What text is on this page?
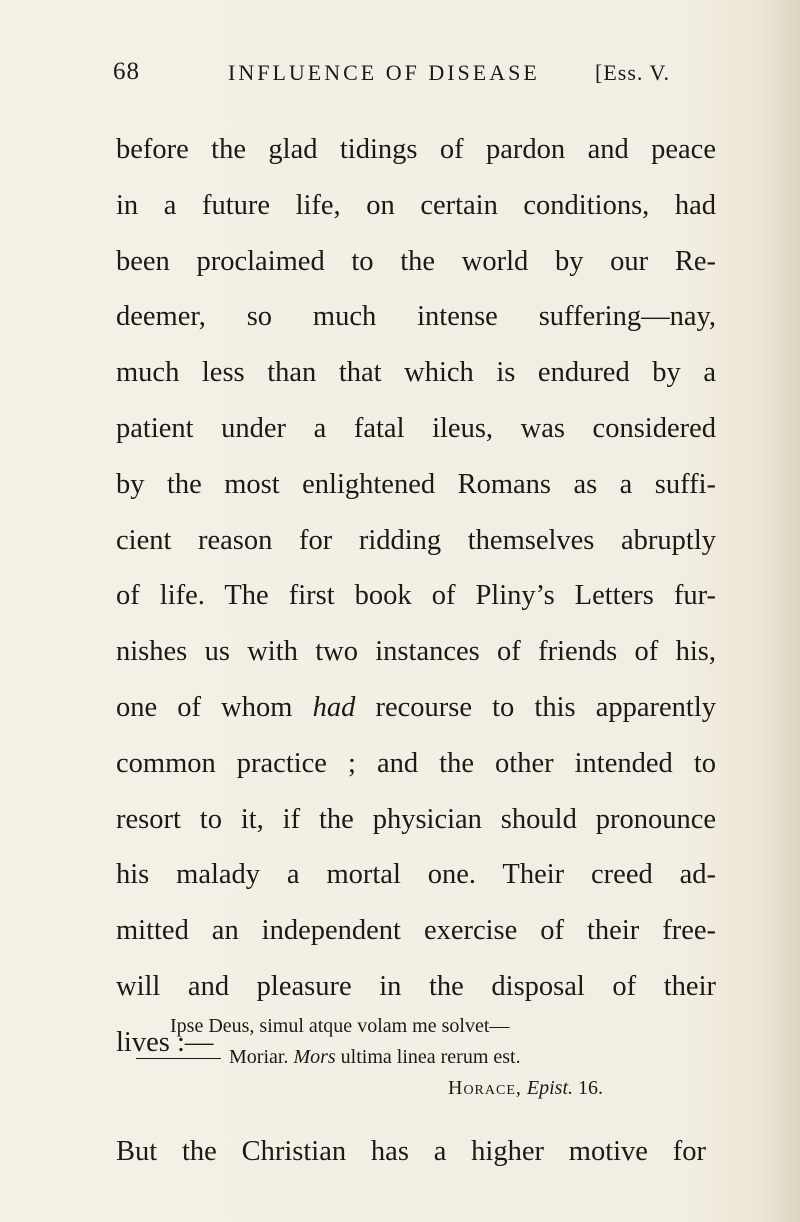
68	INFLUENCE OF DISEASE	[Ess. V.

before the glad tidings of pardon and peace
in a future life, on certain conditions, had
been proclaimed to the world by our Re-
deemer, so much intense suffering—nay,
much less than that which is endured by a
patient under a fatal ileus, was considered
by the most enlightened Romans as a suffi-
cient reason for ridding themselves abruptly
of life. The first book of Pliny’s Letters fur-
nishes us with two instances of friends of his,
one of whom had recourse to this apparently
common practice ; and the other intended to
resort to it, if the physician should pronounce
his malady a mortal one. Their creed ad-
mitted an independent exercise of their free-
will and pleasure in the disposal of their
lives :—

Ipse Deus, simul atque volam me solvet—
Moriar. Mors ultima linea rerum est.
Horace, Epist. 16.
But the Christian has a higher motive for
